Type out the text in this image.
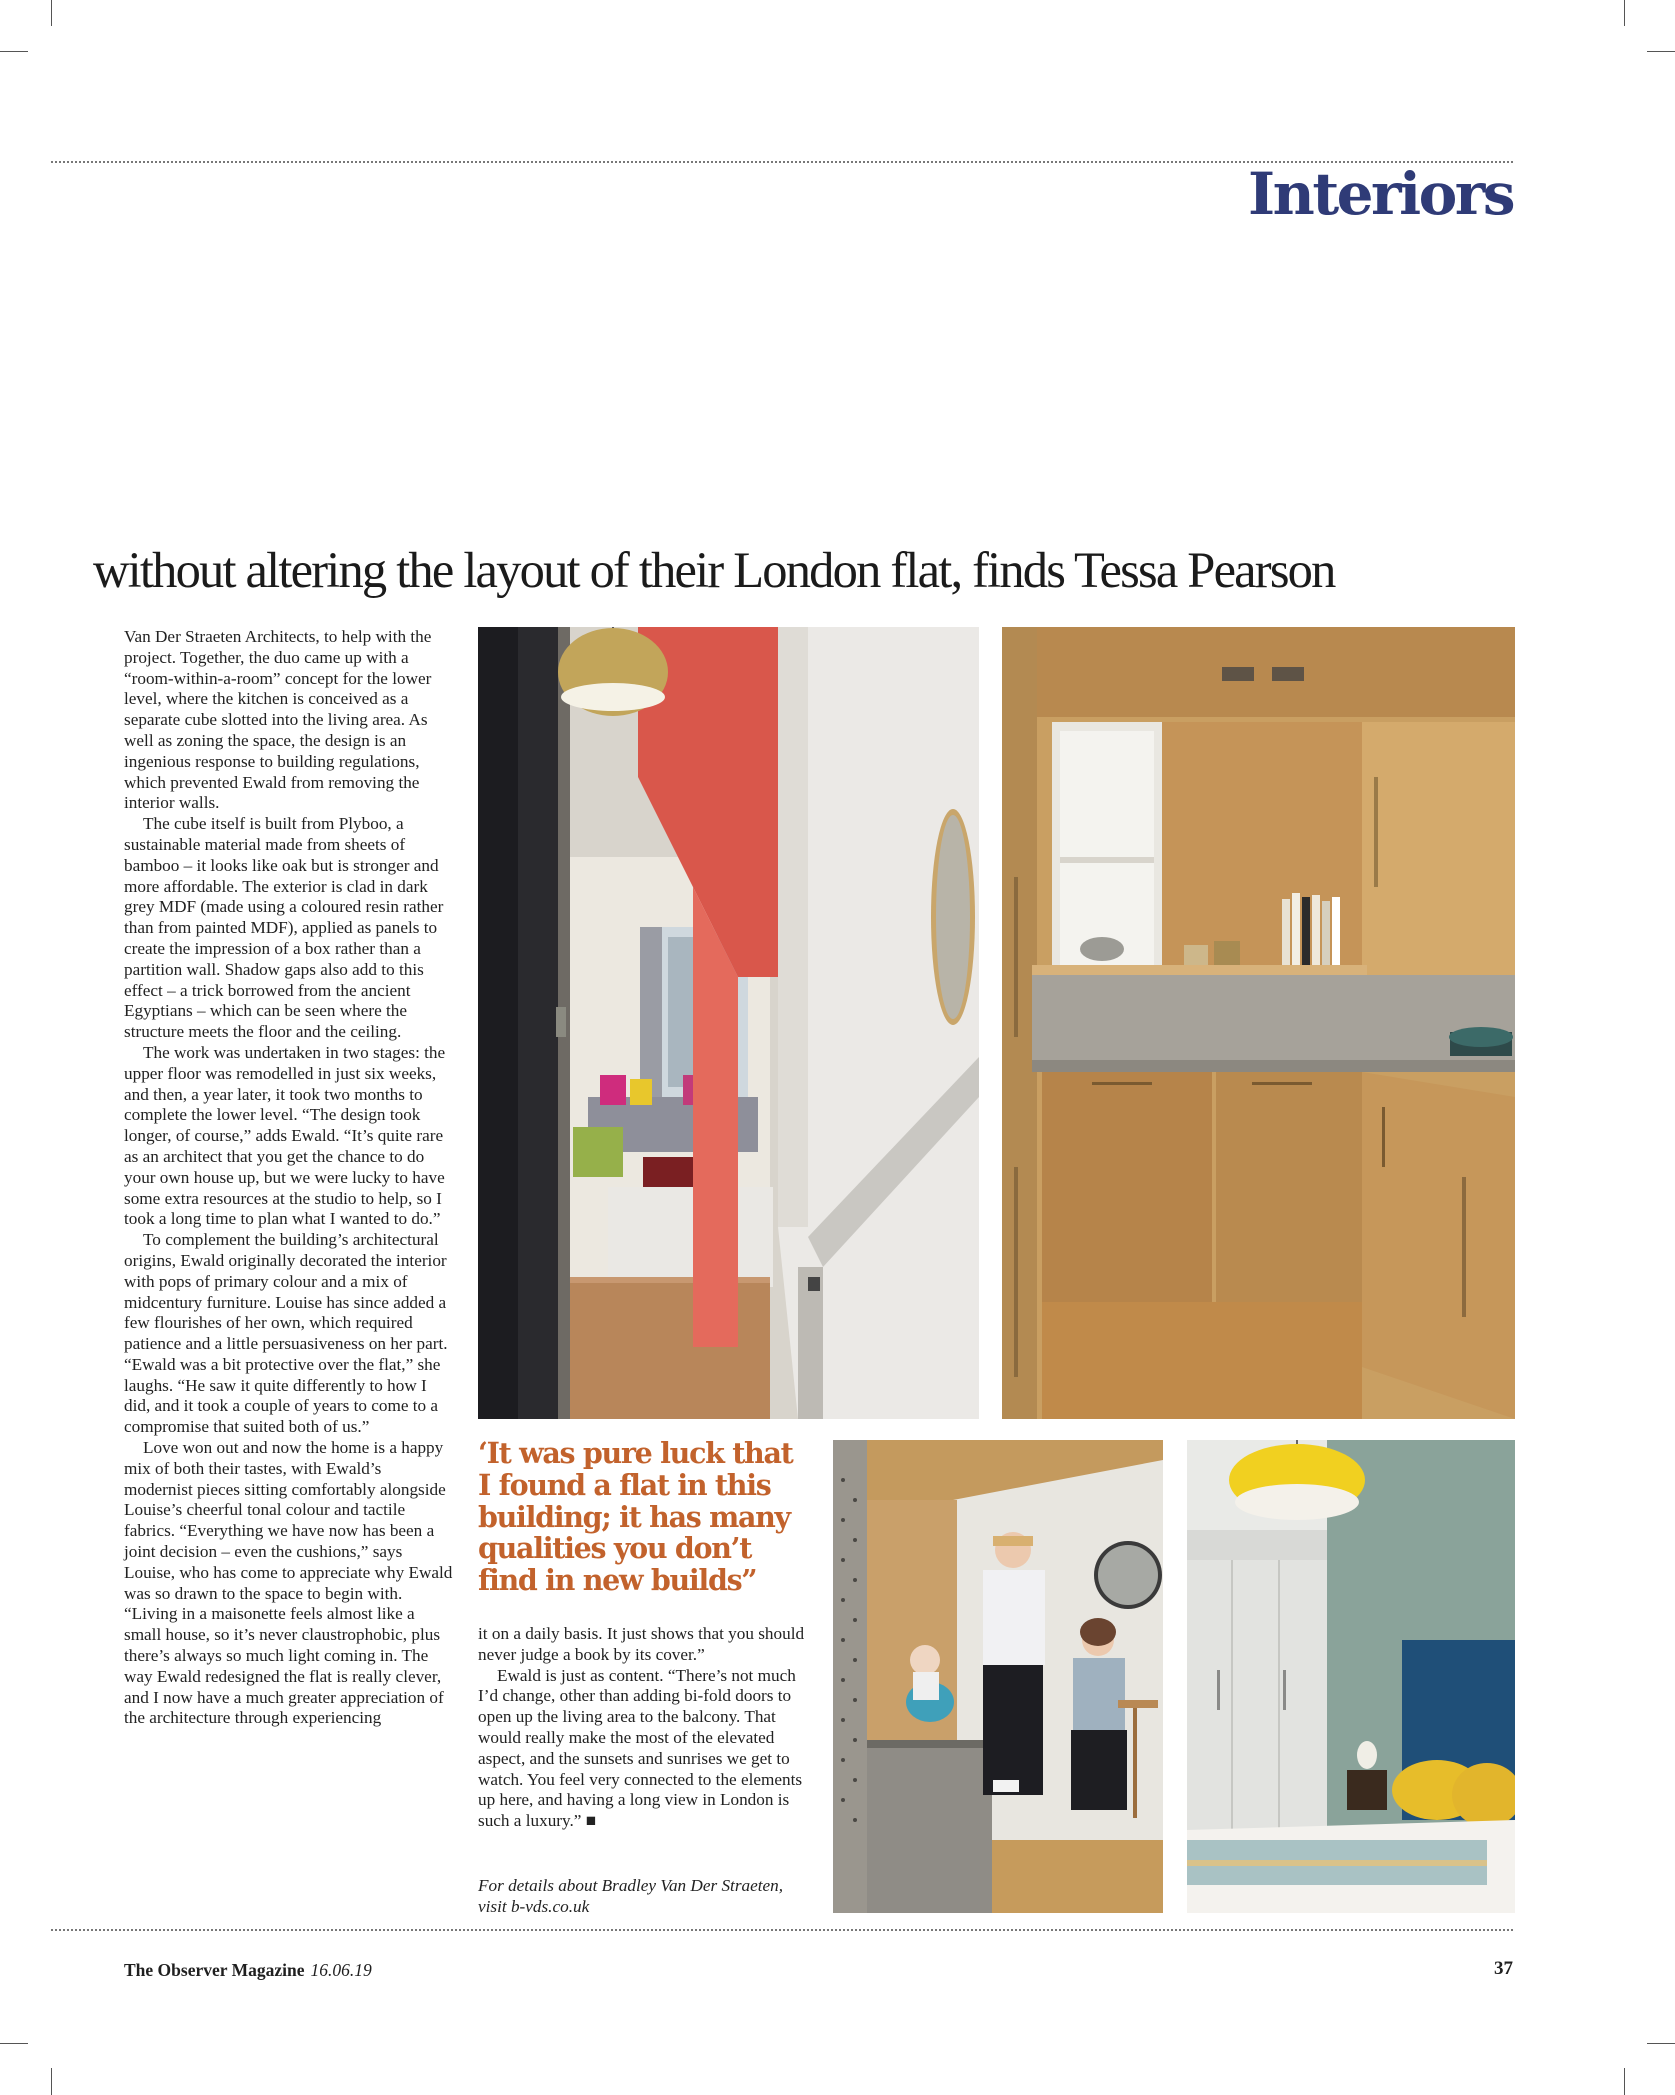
Interiors
without altering the layout of their London flat, finds Tessa Pearson

Van Der Straeten Architects, to help with the project. Together, the duo came up with a “room-within-a-room” concept for the lower level, where the kitchen is conceived as a separate cube slotted into the living area. As well as zoning the space, the design is an ingenious response to building regulations, which prevented Ewald from removing the interior walls.

The cube itself is built from Plyboo, a sustainable material made from sheets of bamboo – it looks like oak but is stronger and more affordable. The exterior is clad in dark grey MDF (made using a coloured resin rather than from painted MDF), applied as panels to create the impression of a box rather than a partition wall. Shadow gaps also add to this effect – a trick borrowed from the ancient Egyptians – which can be seen where the structure meets the floor and the ceiling.

The work was undertaken in two stages: the upper floor was remodelled in just six weeks, and then, a year later, it took two months to complete the lower level. “The design took longer, of course,” adds Ewald. “It’s quite rare as an architect that you get the chance to do your own house up, but we were lucky to have some extra resources at the studio to help, so I took a long time to plan what I wanted to do.”

To complement the building’s architectural origins, Ewald originally decorated the interior with pops of primary colour and a mix of midcentury furniture. Louise has since added a few flourishes of her own, which required patience and a little persuasiveness on her part. “Ewald was a bit protective over the flat,” she laughs. “He saw it quite differently to how I did, and it took a couple of years to come to a compromise that suited both of us.”

Love won out and now the home is a happy mix of both their tastes, with Ewald’s modernist pieces sitting comfortably alongside Louise’s cheerful tonal colour and tactile fabrics. “Everything we have now has been a joint decision – even the cushions,” says Louise, who has come to appreciate why Ewald was so drawn to the space to begin with. “Living in a maisonette feels almost like a small house, so it’s never claustrophobic, plus there’s always so much light coming in. The way Ewald redesigned the flat is really clever, and I now have a much greater appreciation of the architecture through experiencing

‘It was pure luck that I found a flat in this building; it has many qualities you don’t find in new builds”

it on a daily basis. It just shows that you should never judge a book by its cover.”

Ewald is just as content. “There’s not much I’d change, other than adding bi-fold doors to open up the living area to the balcony. That would really make the most of the elevated aspect, and the sunsets and sunrises we get to watch. You feel very connected to the elements up here, and having a long view in London is such a luxury.” ■

For details about Bradley Van Der Straeten, visit b-vds.co.uk
The Observer Magazine 16.06.19	37
